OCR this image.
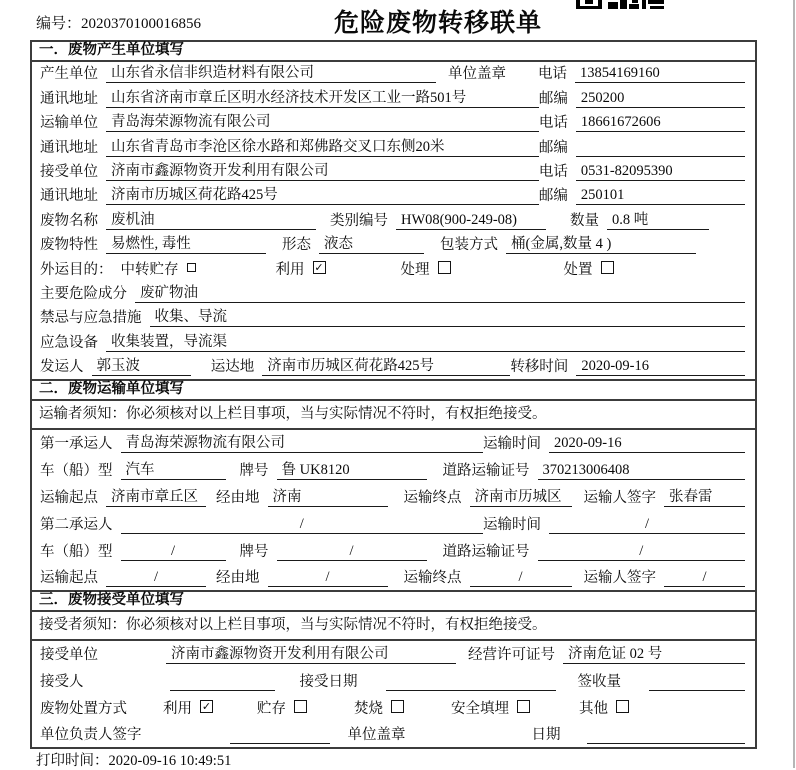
编号：2020370100016856	危险废物转移联单
一．废物产生单位填写
产生单位 山东省永信非织造材料有限公司	单位盖章 电话 13854169160
通讯地址 山东省济南市章丘区明水经济技术开发区工业一路501号	邮编 250200
运输单位 青岛海荣源物流有限公司	电话 18661672606
通讯地址 山东省青岛市李沧区徐水路和郑佛路交叉口东侧20米	邮编
接受单位 济南市鑫源物资开发利用有限公司	电话 0531-82095390
通讯地址 济南市历城区荷花路425号	邮编 250101
废物名称 废机油	类别编号 HW08(900-249-08)	数量 0.8 吨
废物特性 易燃性, 毒性	形态 液态	包装方式 桶(金属,数量 4 )
外运目的： 中转贮存	利用 ✓	处理	处置
主要危险成分 废矿物油
禁忌与应急措施 收集、导流
应急设备 收集装置，导流渠
发运人 郭玉波	运达地 济南市历城区荷花路425号	转移时间 2020-09-16
二．废物运输单位填写
运输者须知：你必须核对以上栏目事项，当与实际情况不符时，有权拒绝接受。
第一承运人 青岛海荣源物流有限公司	运输时间 2020-09-16
车（船）型 汽车	牌号 鲁 UK8120	道路运输证号 370213006408
运输起点 济南市章丘区	经由地 济南	运输终点 济南市历城区	运输人签字 张春雷
第二承运人	/	运输时间	/
车（船）型	/	牌号	/	道路运输证号	/
运输起点	/	经由地	/	运输终点	/	运输人签字	/
三．废物接受单位填写
接受者须知：你必须核对以上栏目事项，当与实际情况不符时，有权拒绝接受。
接受单位	济南市鑫源物资开发利用有限公司	经营许可证号 济南危证 02 号
接受人	接受日期	签收量
废物处置方式 利用 ✓	贮存	焚烧	安全填埋	其他
单位负责人签字	单位盖章	日期
打印时间：2020-09-16 10:49:51
